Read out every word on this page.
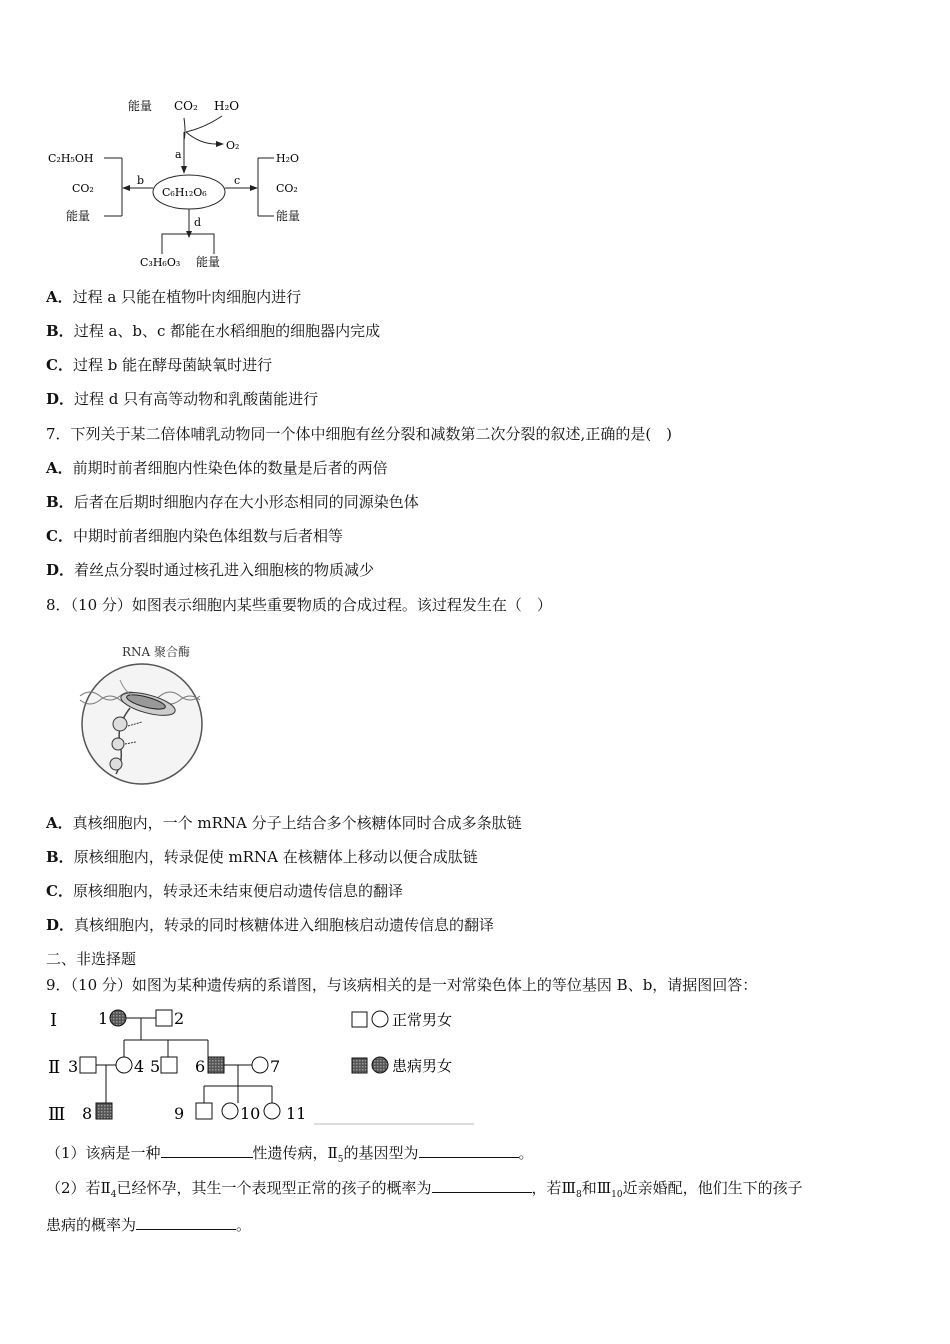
能量 CO₂ H₂O
O₂
a
C₆H₁₂O₆
b
C₂H₅OH
CO₂
能量
c
H₂O
CO₂
能量
d
C₃H₆O₃ 能量
A．过程 a 只能在植物叶肉细胞内进行
B．过程 a、b、c 都能在水稻细胞的细胞器内完成
C．过程 b 能在酵母菌缺氧时进行
D．过程 d 只有高等动物和乳酸菌能进行
7．下列关于某二倍体哺乳动物同一个体中细胞有丝分裂和减数第二次分裂的叙述,正确的是(　)
A．前期时前者细胞内性染色体的数量是后者的两倍
B．后者在后期时细胞内存在大小形态相同的同源染色体
C．中期时前者细胞内染色体组数与后者相等
D．着丝点分裂时通过核孔进入细胞核的物质减少
8．（10 分）如图表示细胞内某些重要物质的合成过程。该过程发生在（　）
RNA 聚合酶
A．真核细胞内，一个 mRNA 分子上结合多个核糖体同时合成多条肽链
B．原核细胞内，转录促使 mRNA 在核糖体上移动以便合成肽链
C．原核细胞内，转录还未结束便启动遗传信息的翻译
D．真核细胞内，转录的同时核糖体进入细胞核启动遗传信息的翻译
二、非选择题
9．（10 分）如图为某种遗传病的系谱图，与该病相关的是一对常染色体上的等位基因 B、b，请据图回答：
Ⅰ
Ⅱ
Ⅲ
1	2
3	4 5 6	7
8	9	10 11
正常男女
患病男女
（1）该病是一种	性遗传病，$Ⅱ_5$的基因型为	。
（2）若$Ⅱ_4$已经怀孕，其生一个表现型正常的孩子的概率为	，若$Ⅲ_8$和$Ⅲ_{10}$近亲婚配，他们生下的孩子
患病的概率为	。
